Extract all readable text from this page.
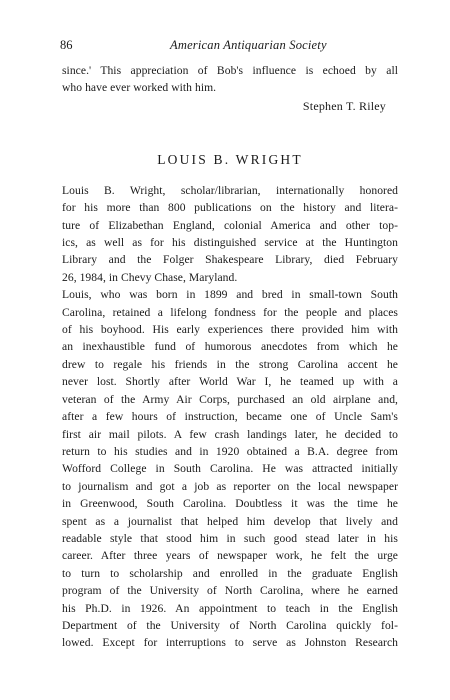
86	American Antiquarian Society
since.' This appreciation of Bob's influence is echoed by all
who have ever worked with him.
Stephen T. Riley
LOUIS B. WRIGHT
Louis B. Wright, scholar/librarian, internationally honored
for his more than 800 publications on the history and litera-
ture of Elizabethan England, colonial America and other top-
ics, as well as for his distinguished service at the Huntington
Library and the Folger Shakespeare Library, died February
26, 1984, in Chevy Chase, Maryland.
Louis, who was born in 1899 and bred in small-town South
Carolina, retained a lifelong fondness for the people and places
of his boyhood. His early experiences there provided him with
an inexhaustible fund of humorous anecdotes from which he
drew to regale his friends in the strong Carolina accent he
never lost. Shortly after World War I, he teamed up with a
veteran of the Army Air Corps, purchased an old airplane and,
after a few hours of instruction, became one of Uncle Sam's
first air mail pilots. A few crash landings later, he decided to
return to his studies and in 1920 obtained a B.A. degree from
Wofford College in South Carolina. He was attracted initially
to journalism and got a job as reporter on the local newspaper
in Greenwood, South Carolina. Doubtless it was the time he
spent as a journalist that helped him develop that lively and
readable style that stood him in such good stead later in his
career. After three years of newspaper work, he felt the urge
to turn to scholarship and enrolled in the graduate English
program of the University of North Carolina, where he earned
his Ph.D. in 1926. An appointment to teach in the English
Department of the University of North Carolina quickly fol-
lowed. Except for interruptions to serve as Johnston Research
